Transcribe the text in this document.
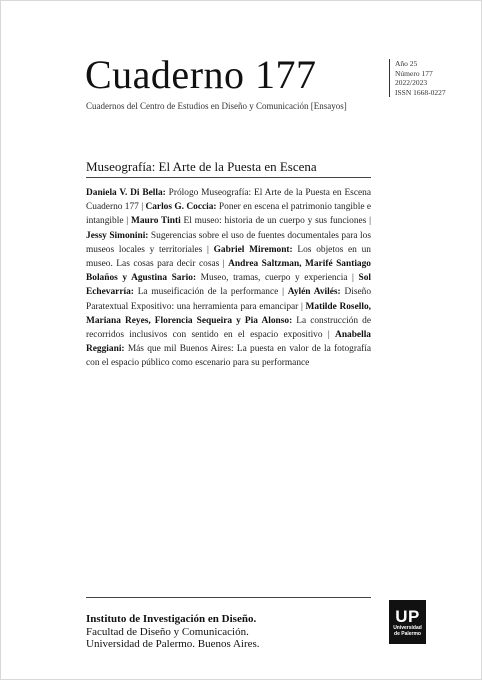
Cuaderno 177
Cuadernos del Centro de Estudios en Diseño y Comunicación [Ensayos]
Año 25
Número 177
2022/2023
ISSN 1668-0227
Museografía: El Arte de la Puesta en Escena
Daniela V. Di Bella: Prólogo Museografía: El Arte de la Puesta en Escena Cuaderno 177 | Carlos G. Coccia: Poner en escena el patrimonio tangible e intangible | Mauro Tinti El museo: historia de un cuerpo y sus funciones | Jessy Simonini: Sugerencias sobre el uso de fuentes documentales para los museos locales y territoriales | Gabriel Miremont: Los objetos en un museo. Las cosas para decir cosas | Andrea Saltzman, Marifé Santiago Bolaños y Agustina Sario: Museo, tramas, cuerpo y experiencia | Sol Echevarría: La museificación de la performance | Aylén Avilés: Diseño Paratextual Expositivo: una herramienta para emancipar | Matilde Rosello, Mariana Reyes, Florencia Sequeira y Pia Alonso: La construcción de recorridos inclusivos con sentido en el espacio expositivo | Anabella Reggiani: Más que mil Buenos Aires: La puesta en valor de la fotografía con el espacio público como escenario para su performance
Instituto de Investigación en Diseño.
Facultad de Diseño y Comunicación.
Universidad de Palermo. Buenos Aires.
UP
Universidad
de Palermo
